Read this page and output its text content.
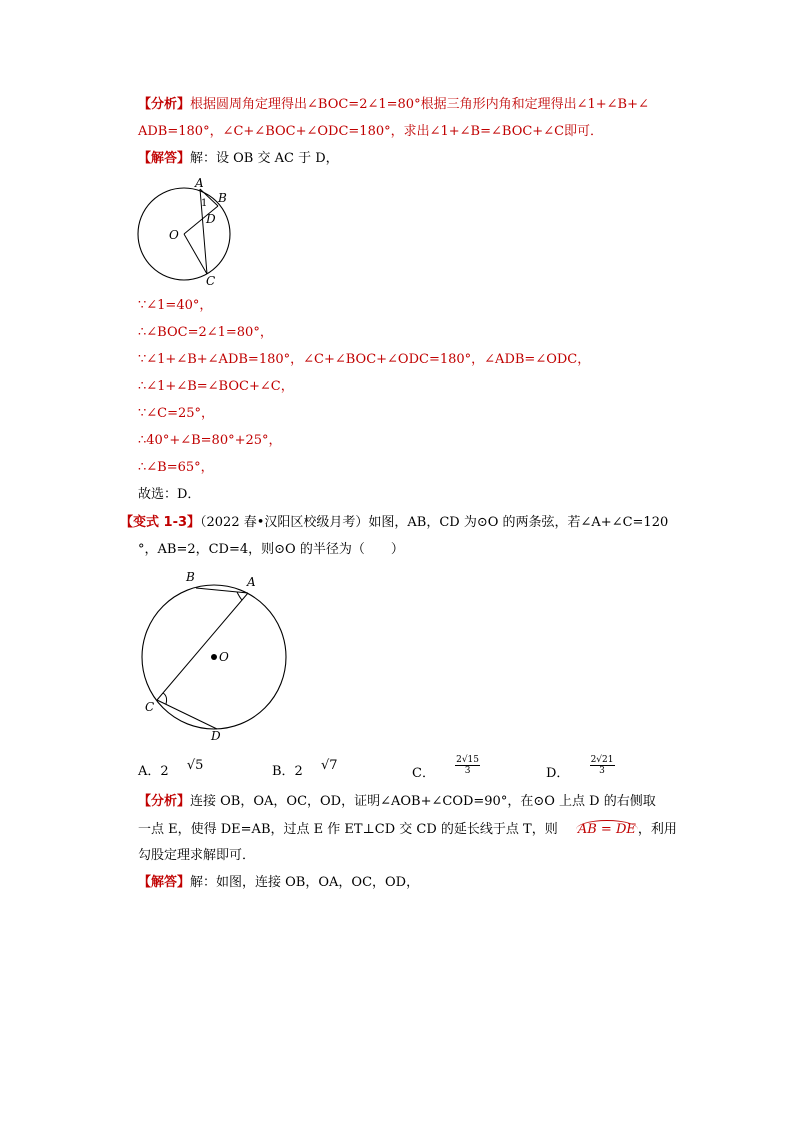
【分析】根据圆周角定理得出∠BOC=2∠1=80°根据三角形内角和定理得出∠1+∠B+∠
ADB=180°，∠C+∠BOC+∠ODC=180°，求出∠1+∠B=∠BOC+∠C即可．
【解答】解：设 OB 交 AC 于 D，
A
B
1
D
O
C
∵∠1=40°，
∴∠BOC=2∠1=80°，
∵∠1+∠B+∠ADB=180°，∠C+∠BOC+∠ODC=180°，∠ADB=∠ODC，
∴∠1+∠B=∠BOC+∠C，
∵∠C=25°，
∴40°+∠B=80°+25°，
∴∠B=65°，
故选：D．
【变式 1-3】（2022 春•汉阳区校级月考）如图，AB，CD 为⊙O 的两条弦，若∠A+∠C=120
°，AB=2，CD=4，则⊙O 的半径为（　　）
B	A
O
C
D
A．2 √5	B．2 √7
C． $\frac{2√15}{3}$	D． $\frac{2√21}{3}$
【分析】连接 OB，OA，OC，OD，证明∠AOB+∠COD=90°，在⊙O 上点 D 的右侧取
一点 E，使得 DE=AB，过点 E 作 ET⊥CD 交 CD 的延长线于点 T，则 AB = DE ，利用
勾股定理求解即可．
【解答】解：如图，连接 OB，OA，OC，OD，
